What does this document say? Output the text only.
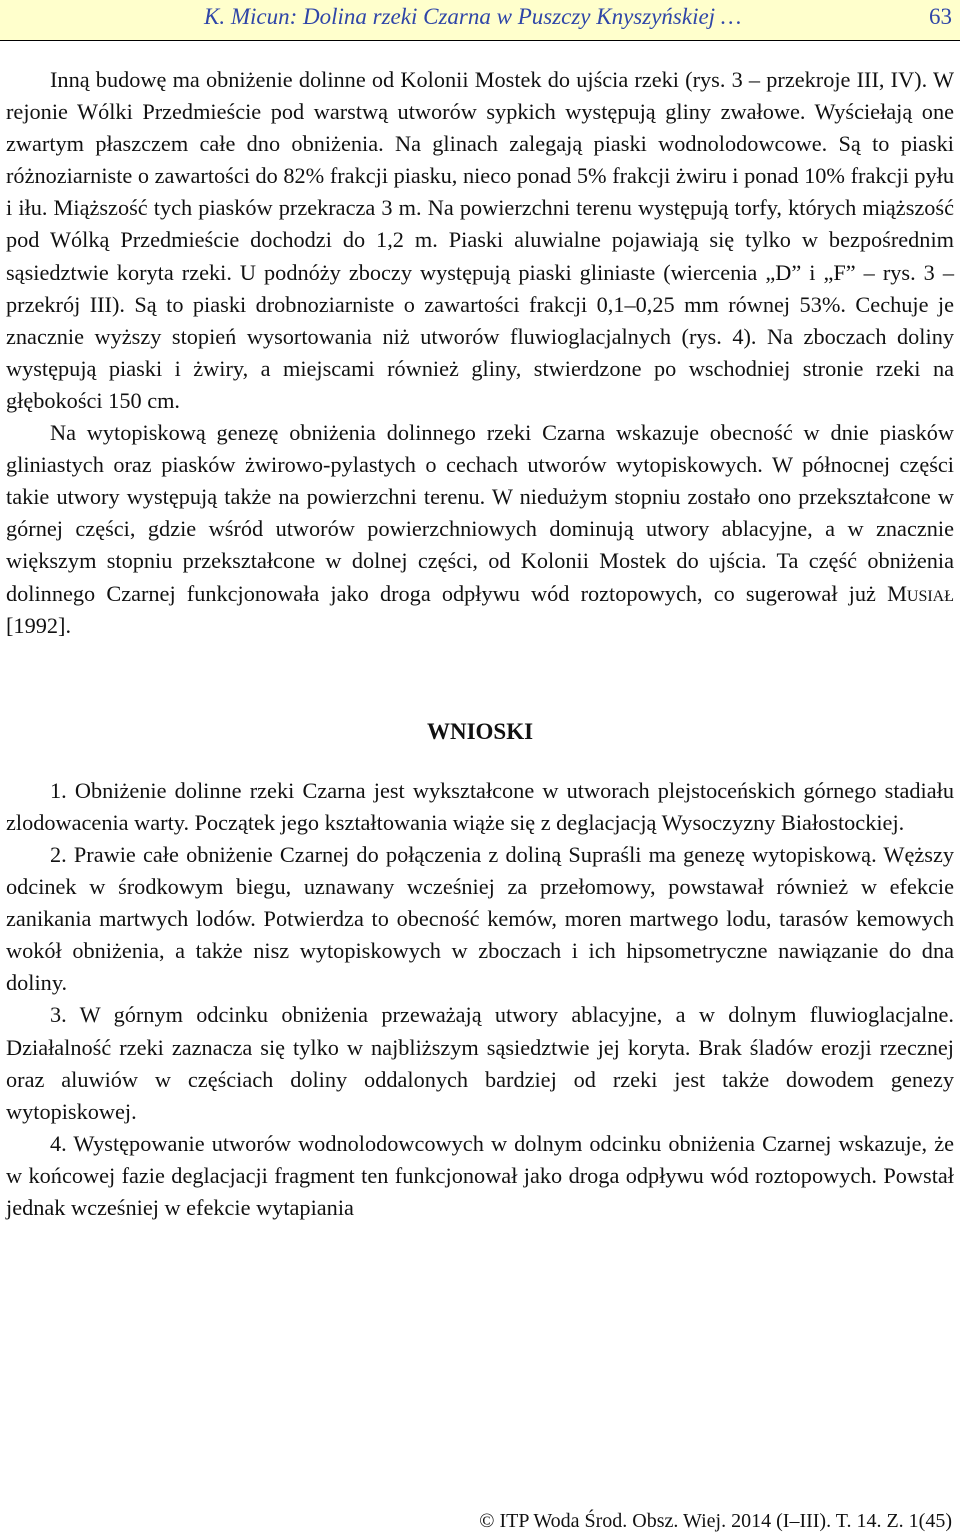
K. Micun: Dolina rzeki Czarna w Puszczy Knyszyńskiej …	63

Inną budowę ma obniżenie dolinne od Kolonii Mostek do ujścia rzeki (rys. 3 – przekroje III, IV). W rejonie Wólki Przedmieście pod warstwą utworów sypkich występują gliny zwałowe. Wyściełają one zwartym płaszczem całe dno obniżenia. Na glinach zalegają piaski wodnolodowcowe. Są to piaski różnoziarniste o zawartości do 82% frakcji piasku, nieco ponad 5% frakcji żwiru i ponad 10% frakcji pyłu i iłu. Miąższość tych piasków przekracza 3 m. Na powierzchni terenu występują torfy, których miąższość pod Wólką Przedmieście dochodzi do 1,2 m. Piaski aluwialne pojawiają się tylko w bezpośrednim sąsiedztwie koryta rzeki. U podnóży zboczy występują piaski gliniaste (wiercenia „D” i „F” – rys. 3 – przekrój III). Są to piaski drobnoziarniste o zawartości frakcji 0,1–0,25 mm równej 53%. Cechuje je znacznie wyższy stopień wysortowania niż utworów fluwioglacjalnych (rys. 4). Na zboczach doliny występują piaski i żwiry, a miejscami również gliny, stwierdzone po wschodniej stronie rzeki na głębokości 150 cm.

Na wytopiskową genezę obniżenia dolinnego rzeki Czarna wskazuje obecność w dnie piasków gliniastych oraz piasków żwirowo-pylastych o cechach utworów wytopiskowych. W północnej części takie utwory występują także na powierzchni terenu. W niedużym stopniu zostało ono przekształcone w górnej części, gdzie wśród utworów powierzchniowych dominują utwory ablacyjne, a w znacznie większym stopniu przekształcone w dolnej części, od Kolonii Mostek do ujścia. Ta część obniżenia dolinnego Czarnej funkcjonowała jako droga odpływu wód roztopowych, co sugerował już Musiał [1992].

WNIOSKI

1. Obniżenie dolinne rzeki Czarna jest wykształcone w utworach plejstoceńskich górnego stadiału zlodowacenia warty. Początek jego kształtowania wiąże się z deglacjacją Wysoczyzny Białostockiej.

2. Prawie całe obniżenie Czarnej do połączenia z doliną Supraśli ma genezę wytopiskową. Węższy odcinek w środkowym biegu, uznawany wcześniej za przełomowy, powstawał również w efekcie zanikania martwych lodów. Potwierdza to obecność kemów, moren martwego lodu, tarasów kemowych wokół obniżenia, a także nisz wytopiskowych w zboczach i ich hipsometryczne nawiązanie do dna doliny.

3. W górnym odcinku obniżenia przeważają utwory ablacyjne, a w dolnym fluwioglacjalne. Działalność rzeki zaznacza się tylko w najbliższym sąsiedztwie jej koryta. Brak śladów erozji rzecznej oraz aluwiów w częściach doliny oddalonych bardziej od rzeki jest także dowodem genezy wytopiskowej.

4. Występowanie utworów wodnolodowcowych w dolnym odcinku obniżenia Czarnej wskazuje, że w końcowej fazie deglacjacji fragment ten funkcjonował jako droga odpływu wód roztopowych. Powstał jednak wcześniej w efekcie wytapiania

© ITP Woda Środ. Obsz. Wiej. 2014 (I–III). T. 14. Z. 1(45)
